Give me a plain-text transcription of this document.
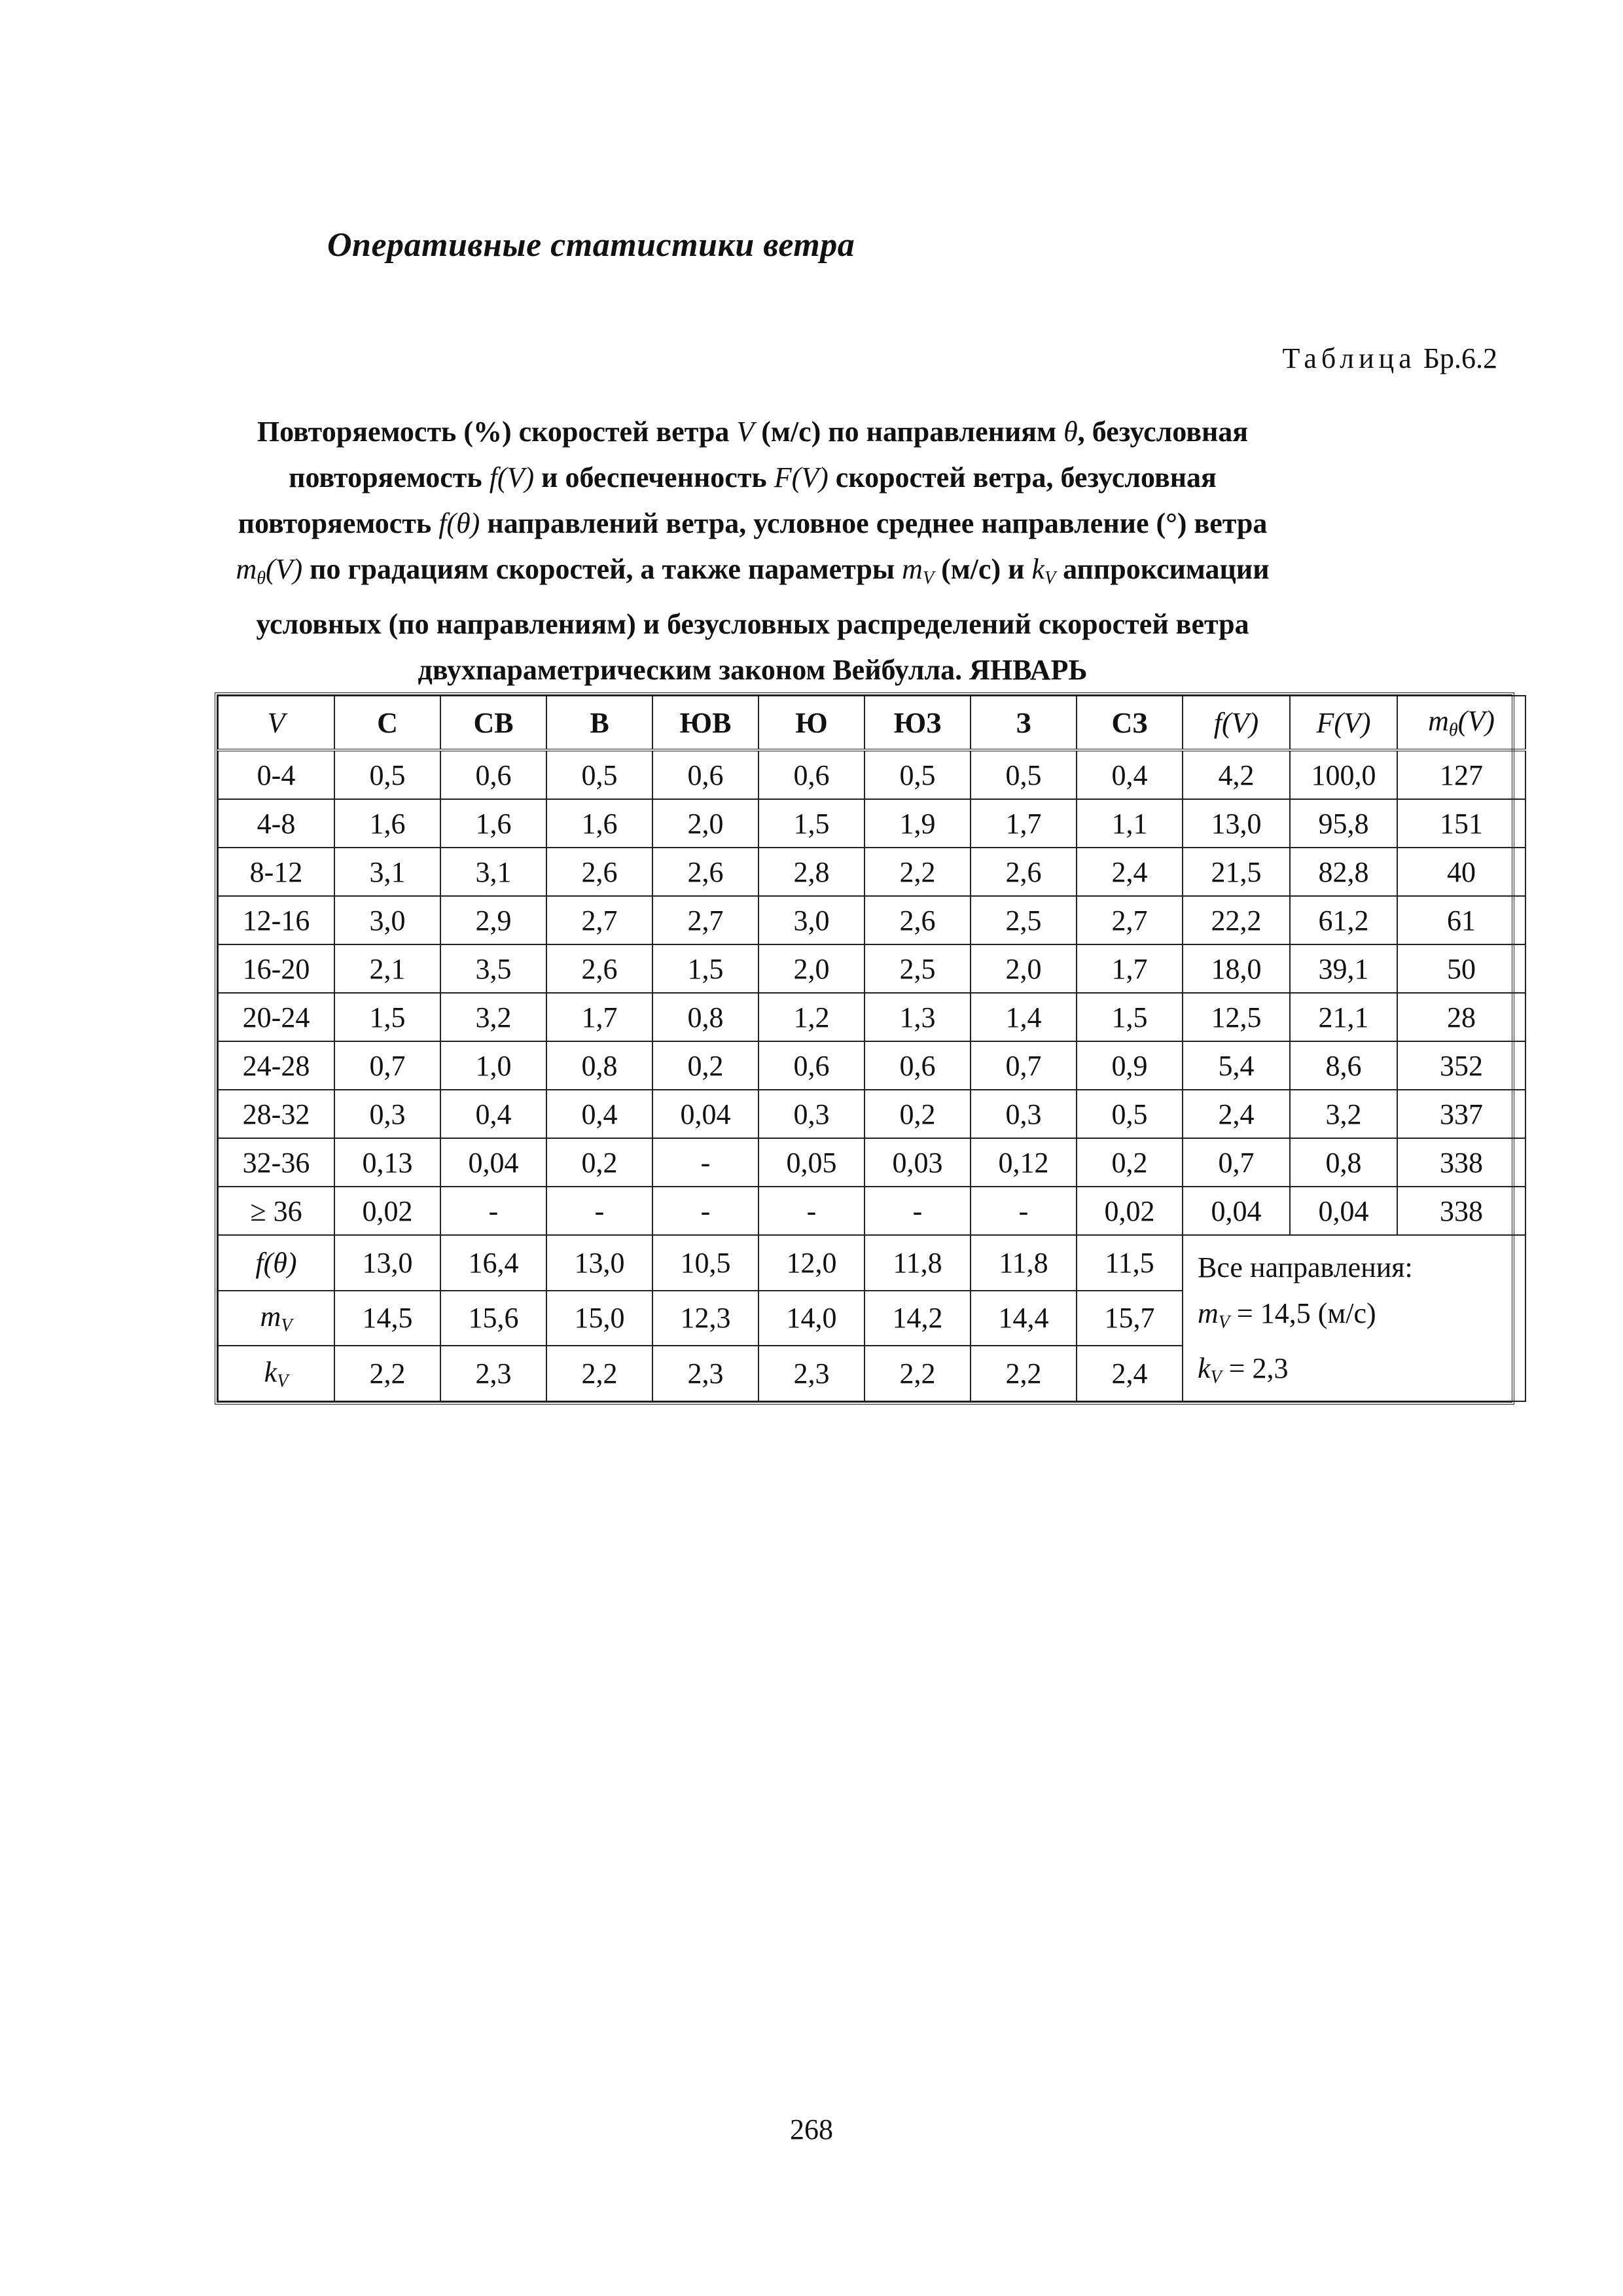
Оперативные статистики ветра
Таблица Бр.6.2
Повторяемость (%) скоростей ветра V (м/с) по направлениям θ, безусловная
повторяемость f(V) и обеспеченность F(V) скоростей ветра, безусловная
повторяемость f(θ) направлений ветра, условное среднее направление (°) ветра
$m_\theta(V)$ по градациям скоростей, а также параметры $m_V$ (м/с) и $k_V$ аппроксимации
условных (по направлениям) и безусловных распределений скоростей ветра
двухпараметрическим законом Вейбулла. ЯНВАРЬ
V	С	СВ	В	ЮВ	Ю	ЮЗ	З	СЗ	f(V)	F(V)	$m_\theta(V)$
0-4	0,5	0,6	0,5	0,6	0,6	0,5	0,5	0,4	4,2	100,0	127
4-8	1,6	1,6	1,6	2,0	1,5	1,9	1,7	1,1	13,0	95,8	151
8-12	3,1	3,1	2,6	2,6	2,8	2,2	2,6	2,4	21,5	82,8	40
12-16	3,0	2,9	2,7	2,7	3,0	2,6	2,5	2,7	22,2	61,2	61
16-20	2,1	3,5	2,6	1,5	2,0	2,5	2,0	1,7	18,0	39,1	50
20-24	1,5	3,2	1,7	0,8	1,2	1,3	1,4	1,5	12,5	21,1	28
24-28	0,7	1,0	0,8	0,2	0,6	0,6	0,7	0,9	5,4	8,6	352
28-32	0,3	0,4	0,4	0,04	0,3	0,2	0,3	0,5	2,4	3,2	337
32-36	0,13	0,04	0,2	-	0,05	0,03	0,12	0,2	0,7	0,8	338
≥ 36	0,02	-	-	-	-	-	-	0,02	0,04	0,04	338
f(θ)	13,0	16,4	13,0	10,5	12,0	11,8	11,8	11,5	Все направления:
$m_V = 14,5$ (м/с)
$k_V = 2,3$		

$m_V$	14,5	15,6	15,0	12,3	14,0	14,2	14,4	15,7			
$k_V$	2,2	2,3	2,2	2,3	2,3	2,2	2,2	2,4			
268
